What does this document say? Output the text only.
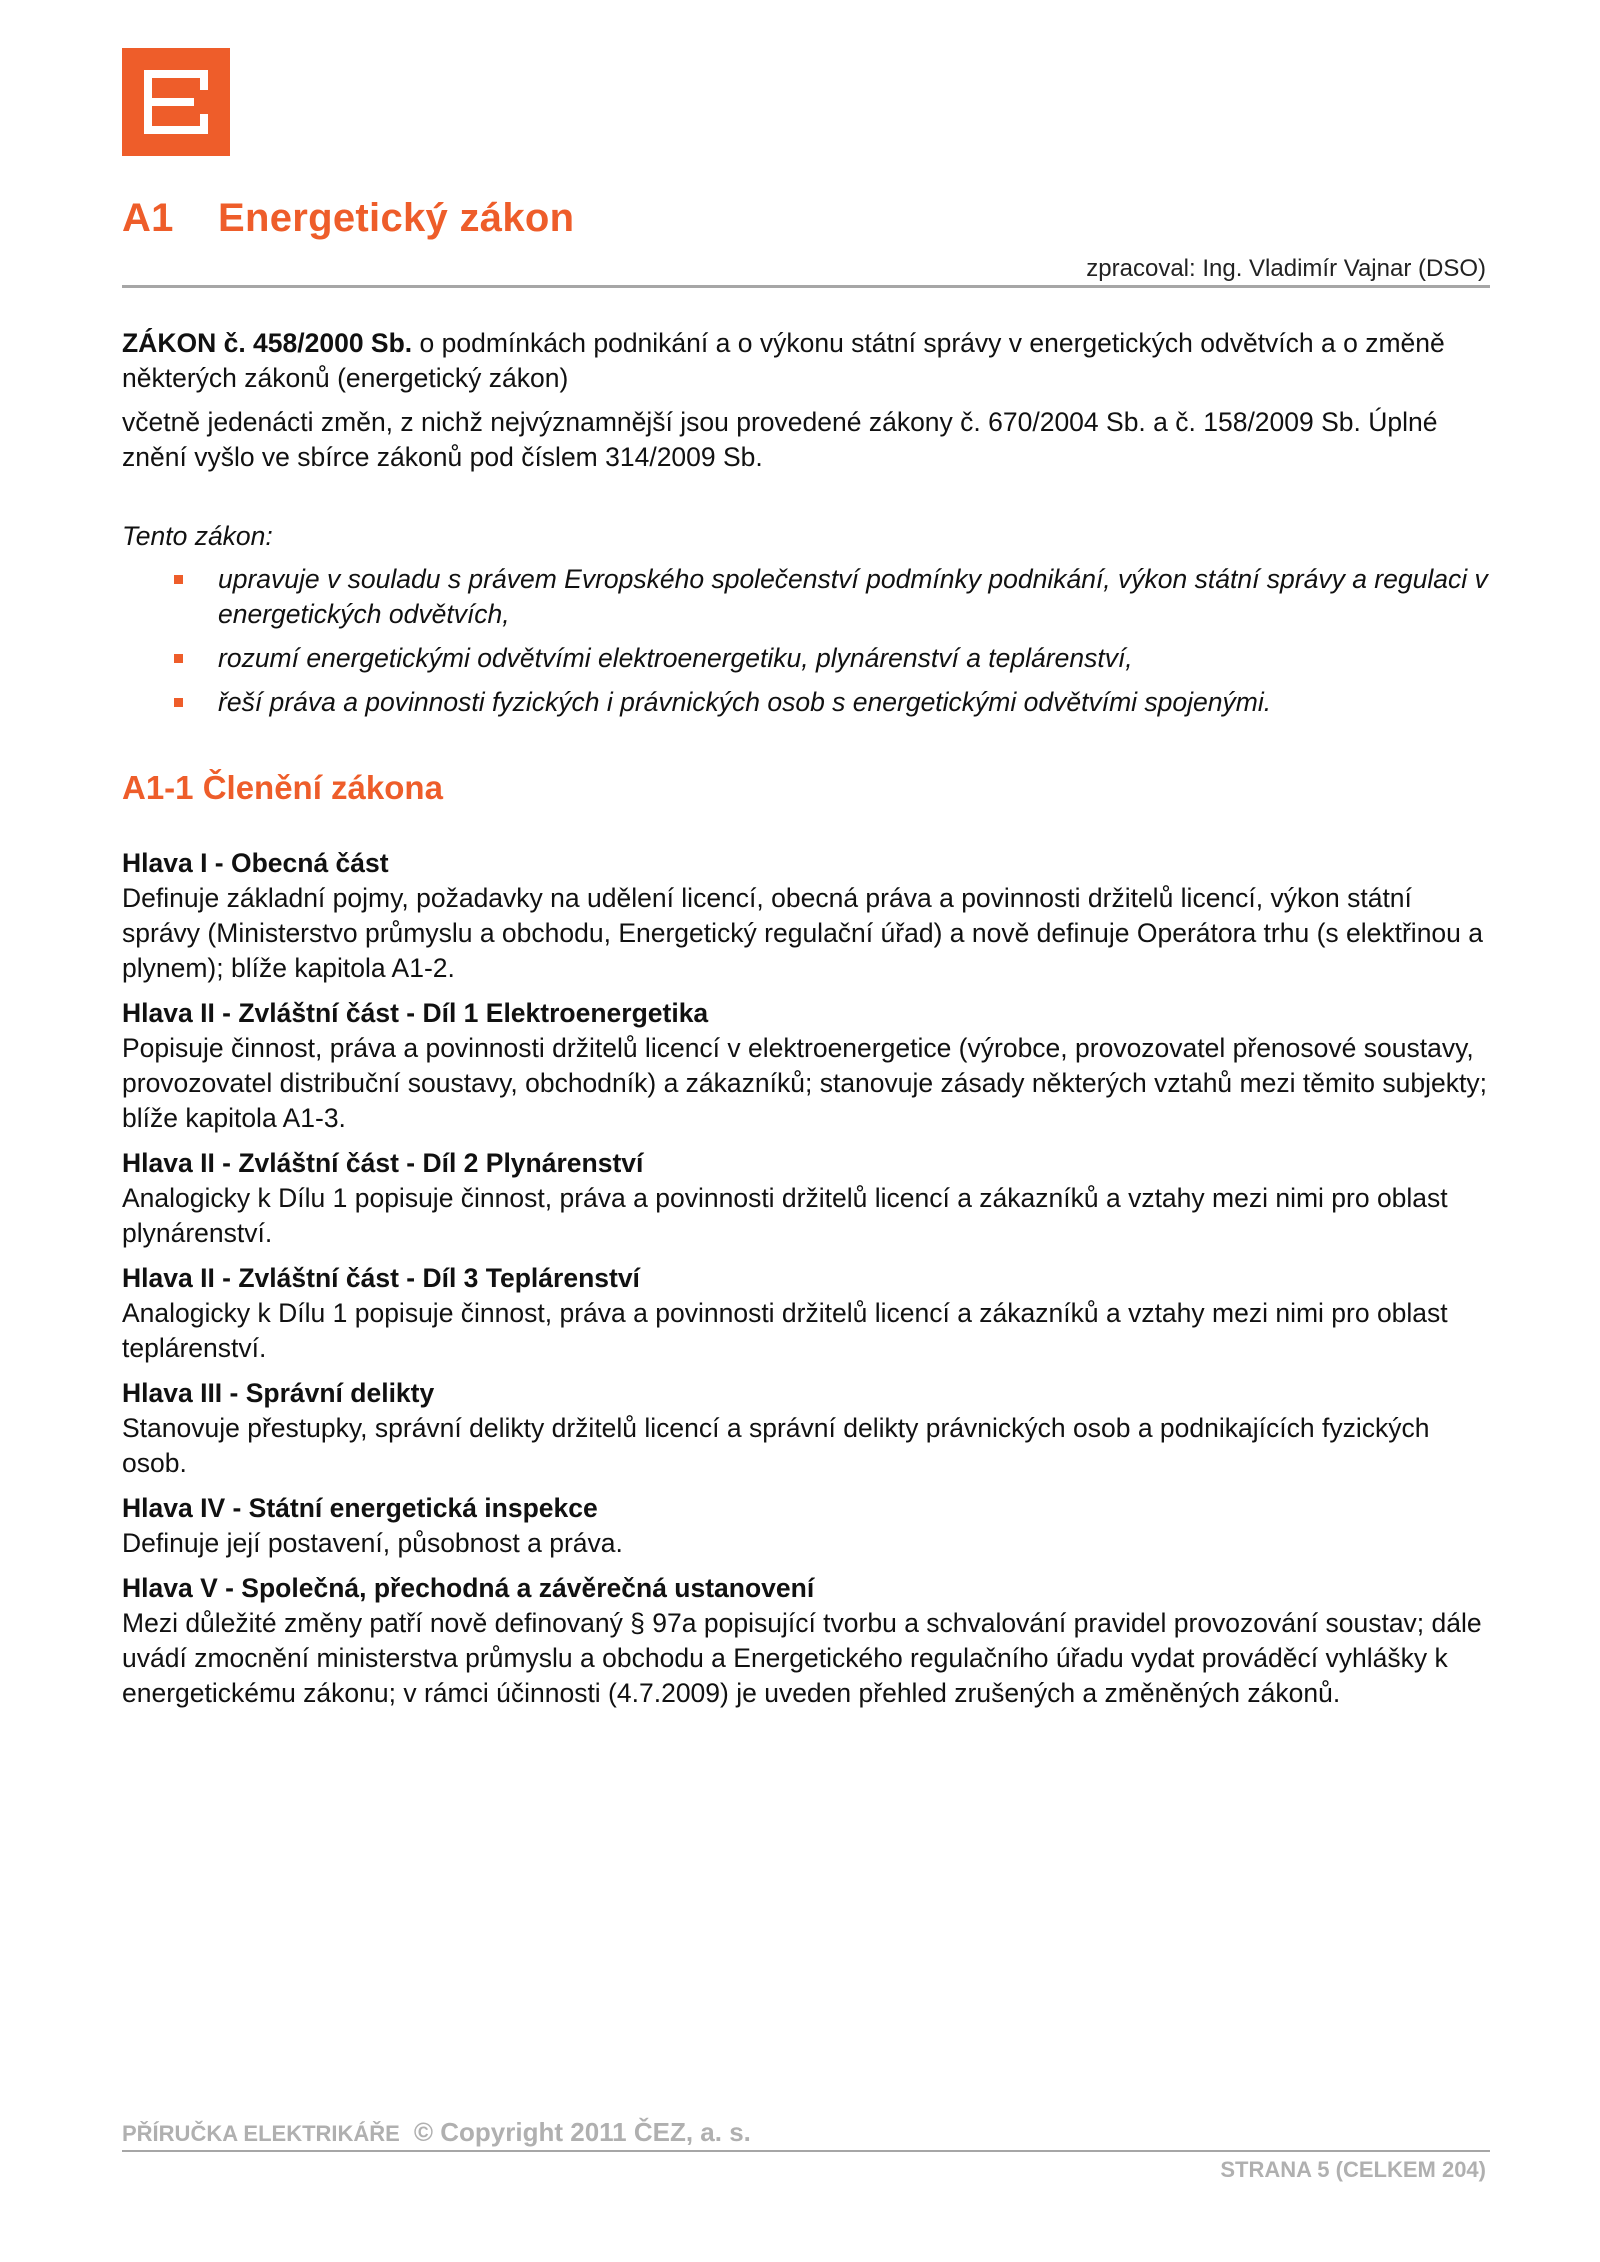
A1 Energetický zákon
zpracoval: Ing. Vladimír Vajnar (DSO)

ZÁKON č. 458/2000 Sb. o podmínkách podnikání a o výkonu státní správy v energetických odvětvích a o změně některých zákonů (energetický zákon)

včetně jedenácti změn, z nichž nejvýznamnější jsou provedené zákony č. 670/2004 Sb. a č. 158/2009 Sb. Úplné znění vyšlo ve sbírce zákonů pod číslem 314/2009 Sb.

Tento zákon:

upravuje v souladu s právem Evropského společenství podmínky podnikání, výkon státní správy a regulaci v energetických odvětvích,
rozumí energetickými odvětvími elektroenergetiku, plynárenství a teplárenství,
řeší práva a povinnosti fyzických i právnických osob s energetickými odvětvími spojenými.
A1-1 Členění zákona
Hlava I - Obecná část

Definuje základní pojmy, požadavky na udělení licencí, obecná práva a povinnosti držitelů licencí, výkon státní správy (Ministerstvo průmyslu a obchodu, Energetický regulační úřad) a nově definuje Operátora trhu (s elektřinou a plynem); blíže kapitola A1-2.

Hlava II - Zvláštní část - Díl 1 Elektroenergetika

Popisuje činnost, práva a povinnosti držitelů licencí v elektroenergetice (výrobce, provozovatel přenosové soustavy, provozovatel distribuční soustavy, obchodník) a zákazníků; stanovuje zásady některých vztahů mezi těmito subjekty; blíže kapitola A1-3.

Hlava II - Zvláštní část - Díl 2 Plynárenství

Analogicky k Dílu 1 popisuje činnost, práva a povinnosti držitelů licencí a zákazníků a vztahy mezi nimi pro oblast plynárenství.

Hlava II - Zvláštní část - Díl 3 Teplárenství

Analogicky k Dílu 1 popisuje činnost, práva a povinnosti držitelů licencí a zákazníků a vztahy mezi nimi pro oblast teplárenství.

Hlava III - Správní delikty

Stanovuje přestupky, správní delikty držitelů licencí a správní delikty právnických osob a podnikajících fyzických osob.

Hlava IV - Státní energetická inspekce

Definuje její postavení, působnost a práva.

Hlava V - Společná, přechodná a závěrečná ustanovení

Mezi důležité změny patří nově definovaný § 97a popisující tvorbu a schvalování pravidel provozování soustav; dále uvádí zmocnění ministerstva průmyslu a obchodu a Energetického regulačního úřadu vydat prováděcí vyhlášky k energetickému zákonu; v rámci účinnosti (4.7.2009) je uveden přehled zrušených a změněných zákonů.

PŘÍRUČKA ELEKTRIKÁŘE © Copyright 2011 ČEZ, a. s.
STRANA 5 (CELKEM 204)
